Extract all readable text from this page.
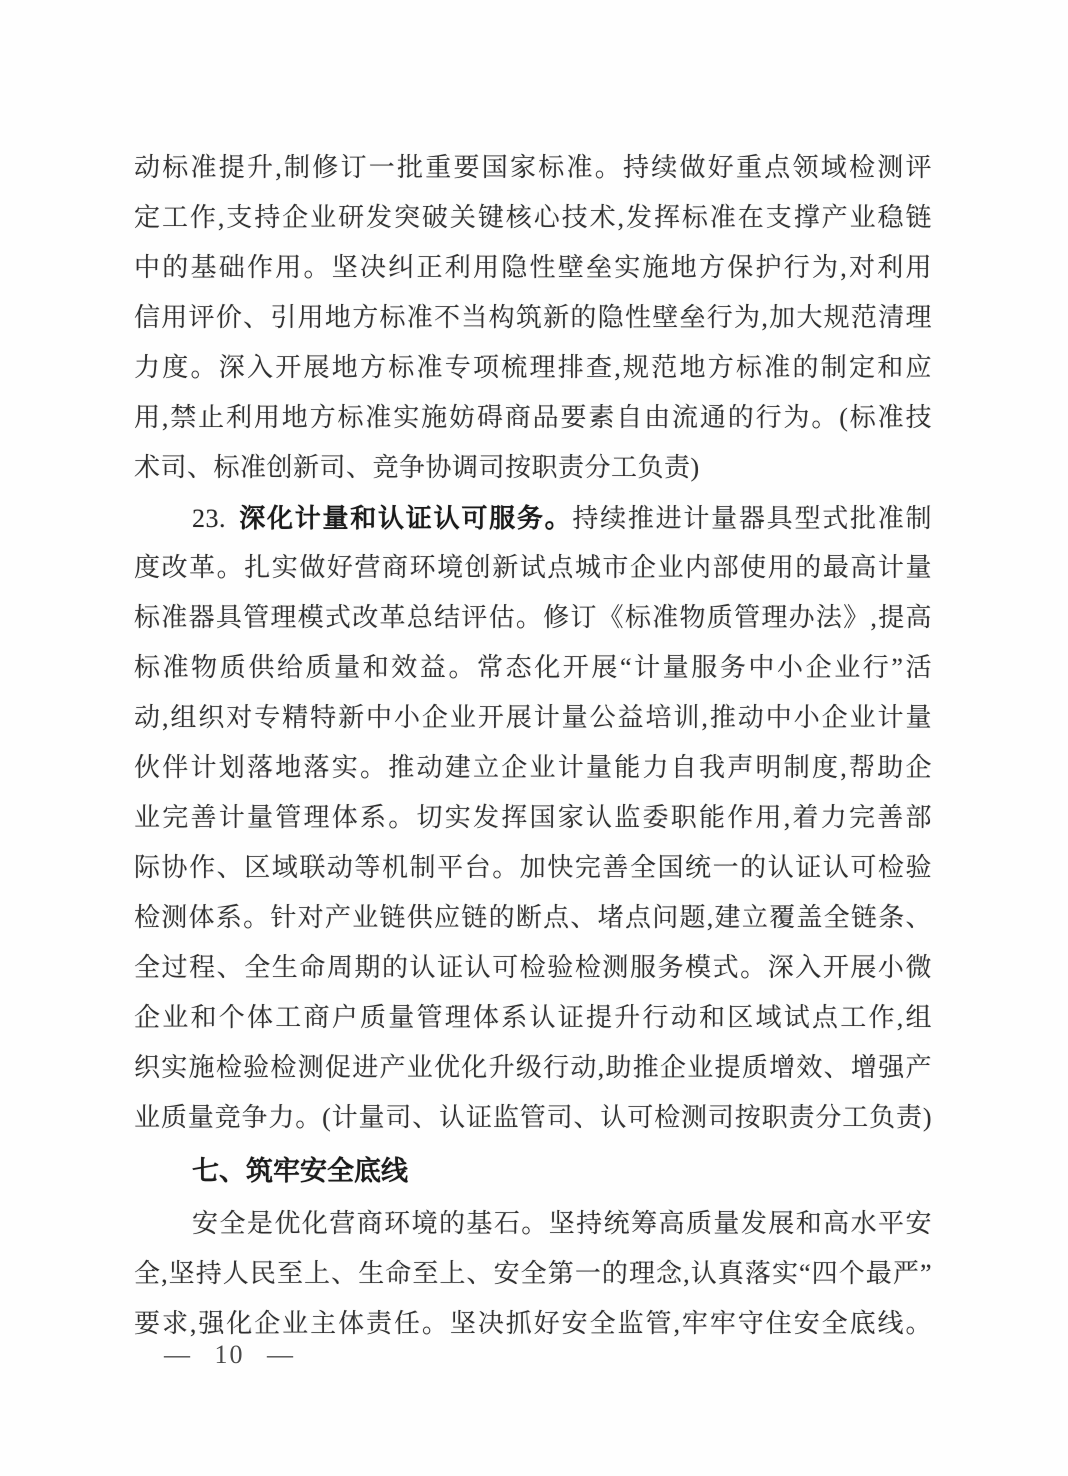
动标准提升,制修订一批重要国家标准。持续做好重点领域检测评
定工作,支持企业研发突破关键核心技术,发挥标准在支撑产业稳链
中的基础作用。坚决纠正利用隐性壁垒实施地方保护行为,对利用
信用评价、引用地方标准不当构筑新的隐性壁垒行为,加大规范清理
力度。深入开展地方标准专项梳理排查,规范地方标准的制定和应
用,禁止利用地方标准实施妨碍商品要素自由流通的行为。(标准技
术司、标准创新司、竞争协调司按职责分工负责)
23. 深化计量和认证认可服务。持续推进计量器具型式批准制
度改革。扎实做好营商环境创新试点城市企业内部使用的最高计量
标准器具管理模式改革总结评估。修订《标准物质管理办法》,提高
标准物质供给质量和效益。常态化开展“计量服务中小企业行”活
动,组织对专精特新中小企业开展计量公益培训,推动中小企业计量
伙伴计划落地落实。推动建立企业计量能力自我声明制度,帮助企
业完善计量管理体系。切实发挥国家认监委职能作用,着力完善部
际协作、区域联动等机制平台。加快完善全国统一的认证认可检验
检测体系。针对产业链供应链的断点、堵点问题,建立覆盖全链条、
全过程、全生命周期的认证认可检验检测服务模式。深入开展小微
企业和个体工商户质量管理体系认证提升行动和区域试点工作,组
织实施检验检测促进产业优化升级行动,助推企业提质增效、增强产
业质量竞争力。(计量司、认证监管司、认可检测司按职责分工负责)
七、筑牢安全底线
安全是优化营商环境的基石。坚持统筹高质量发展和高水平安
全,坚持人民至上、生命至上、安全第一的理念,认真落实“四个最严”
要求,强化企业主体责任。坚决抓好安全监管,牢牢守住安全底线。
— 10 —
